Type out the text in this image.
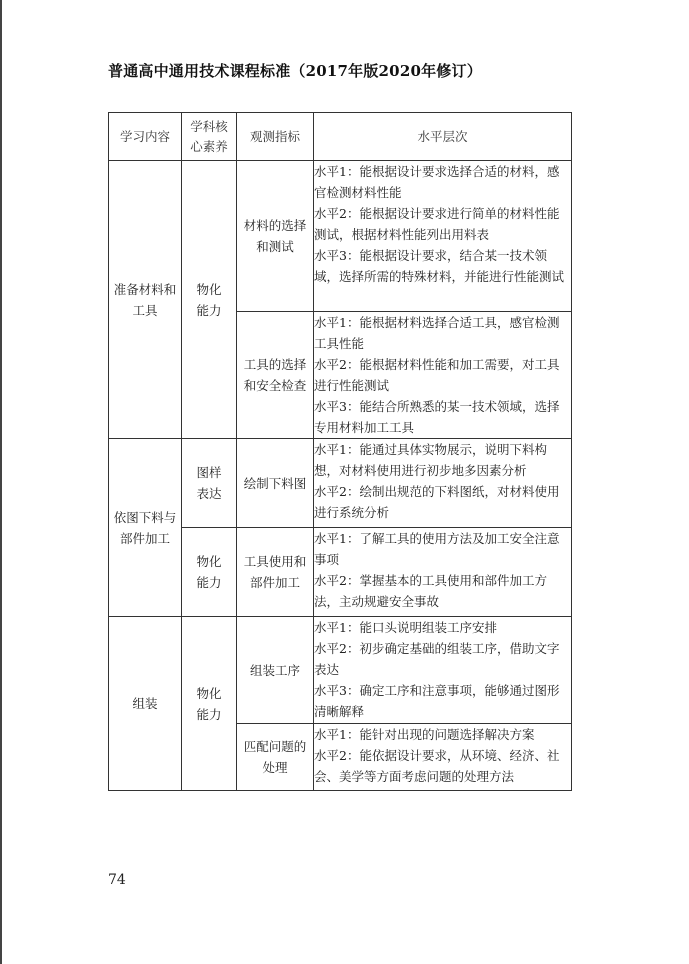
普通高中通用技术课程标准（2017年版2020年修订）
学习内容	学科核心素养	观测指标	水平层次

准备材料和工具	物化能力	材料的选择和测试	水平1：能根据设计要求选择合适的材料，感官检测材料性能
水平2：能根据设计要求进行简单的材料性能测试，根据材料性能列出用料表
水平3：能根据设计要求，结合某一技术领域，选择所需的特殊材料，并能进行性能测试

		工具的选择和安全检查	水平1：能根据材料选择合适工具，感官检测工具性能
水平2：能根据材料性能和加工需要，对工具进行性能测试
水平3：能结合所熟悉的某一技术领域，选择专用材料加工工具

依图下料与部件加工	图样表达	绘制下料图	水平1：能通过具体实物展示，说明下料构想，对材料使用进行初步地多因素分析
水平2：绘制出规范的下料图纸，对材料使用进行系统分析

	物化能力	工具使用和部件加工	水平1：了解工具的使用方法及加工安全注意事项
水平2：掌握基本的工具使用和部件加工方法，主动规避安全事故

组装	物化能力	组装工序	水平1：能口头说明组装工序安排
水平2：初步确定基础的组装工序，借助文字表达
水平3：确定工序和注意事项，能够通过图形清晰解释

		匹配问题的处理	水平1：能针对出现的问题选择解决方案
水平2：能依据设计要求，从环境、经济、社会、美学等方面考虑问题的处理方法
74
